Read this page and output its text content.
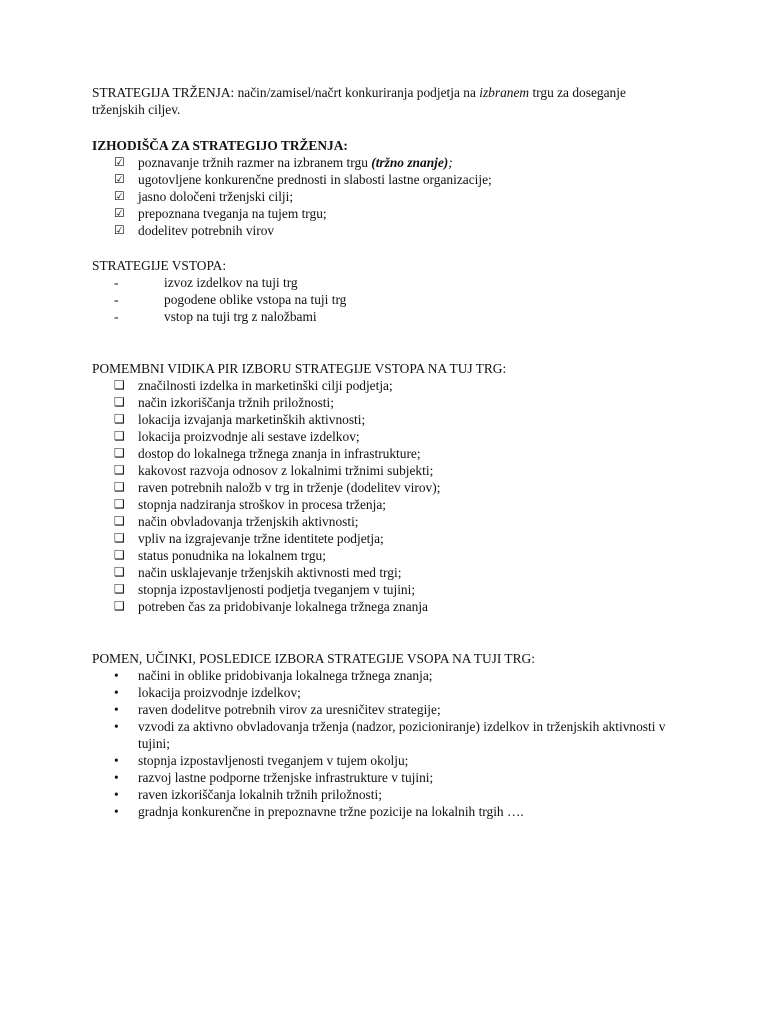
STRATEGIJA TRŽENJA: način/zamisel/načrt konkuriranja podjetja na izbranem trgu za doseganje trženjskih ciljev.

IZHODIŠČA ZA STRATEGIJO TRŽENJA:

☑ poznavanje tržnih razmer na izbranem trgu (tržno znanje);
☑ ugotovljene konkurenčne prednosti in slabosti lastne organizacije;
☑ jasno določeni trženjski cilji;
☑ prepoznana tveganja na tujem trgu;
☑ dodelitev potrebnih virov

STRATEGIJE VSTOPA:

-	izvoz izdelkov na tuji trg
-	pogodene oblike vstopa na tuji trg
-	vstop na tuji trg z naložbami

POMEMBNI VIDIKA PIR IZBORU STRATEGIJE VSTOPA NA TUJ TRG:

❑ značilnosti izdelka in marketinški cilji podjetja;
❑ način izkoriščanja tržnih priložnosti;
❑ lokacija izvajanja marketinških aktivnosti;
❑ lokacija proizvodnje ali sestave izdelkov;
❑ dostop do lokalnega tržnega znanja in infrastrukture;
❑ kakovost razvoja odnosov z lokalnimi tržnimi subjekti;
❑ raven potrebnih naložb v trg in trženje (dodelitev virov);
❑ stopnja nadziranja stroškov in procesa trženja;
❑ način obvladovanja trženjskih aktivnosti;
❑ vpliv na izgrajevanje tržne identitete podjetja;
❑ status ponudnika na lokalnem trgu;
❑ način usklajevanje trženjskih aktivnosti med trgi;
❑ stopnja izpostavljenosti podjetja tveganjem v tujini;
❑ potreben čas za pridobivanje lokalnega tržnega znanja

POMEN, UČINKI, POSLEDICE IZBORA STRATEGIJE VSOPA NA TUJI TRG:

•	načini in oblike pridobivanja lokalnega tržnega znanja;
•	lokacija proizvodnje izdelkov;
•	raven dodelitve potrebnih virov za uresničitev strategije;
•	vzvodi za aktivno obvladovanja trženja (nadzor, pozicioniranje) izdelkov in trženjskih aktivnosti v tujini;
•	stopnja izpostavljenosti tveganjem v tujem okolju;
•	razvoj lastne podporne trženjske infrastrukture v tujini;
•	raven izkoriščanja lokalnih tržnih priložnosti;
•	gradnja konkurenčne in prepoznavne tržne pozicije na lokalnih trgih ….
